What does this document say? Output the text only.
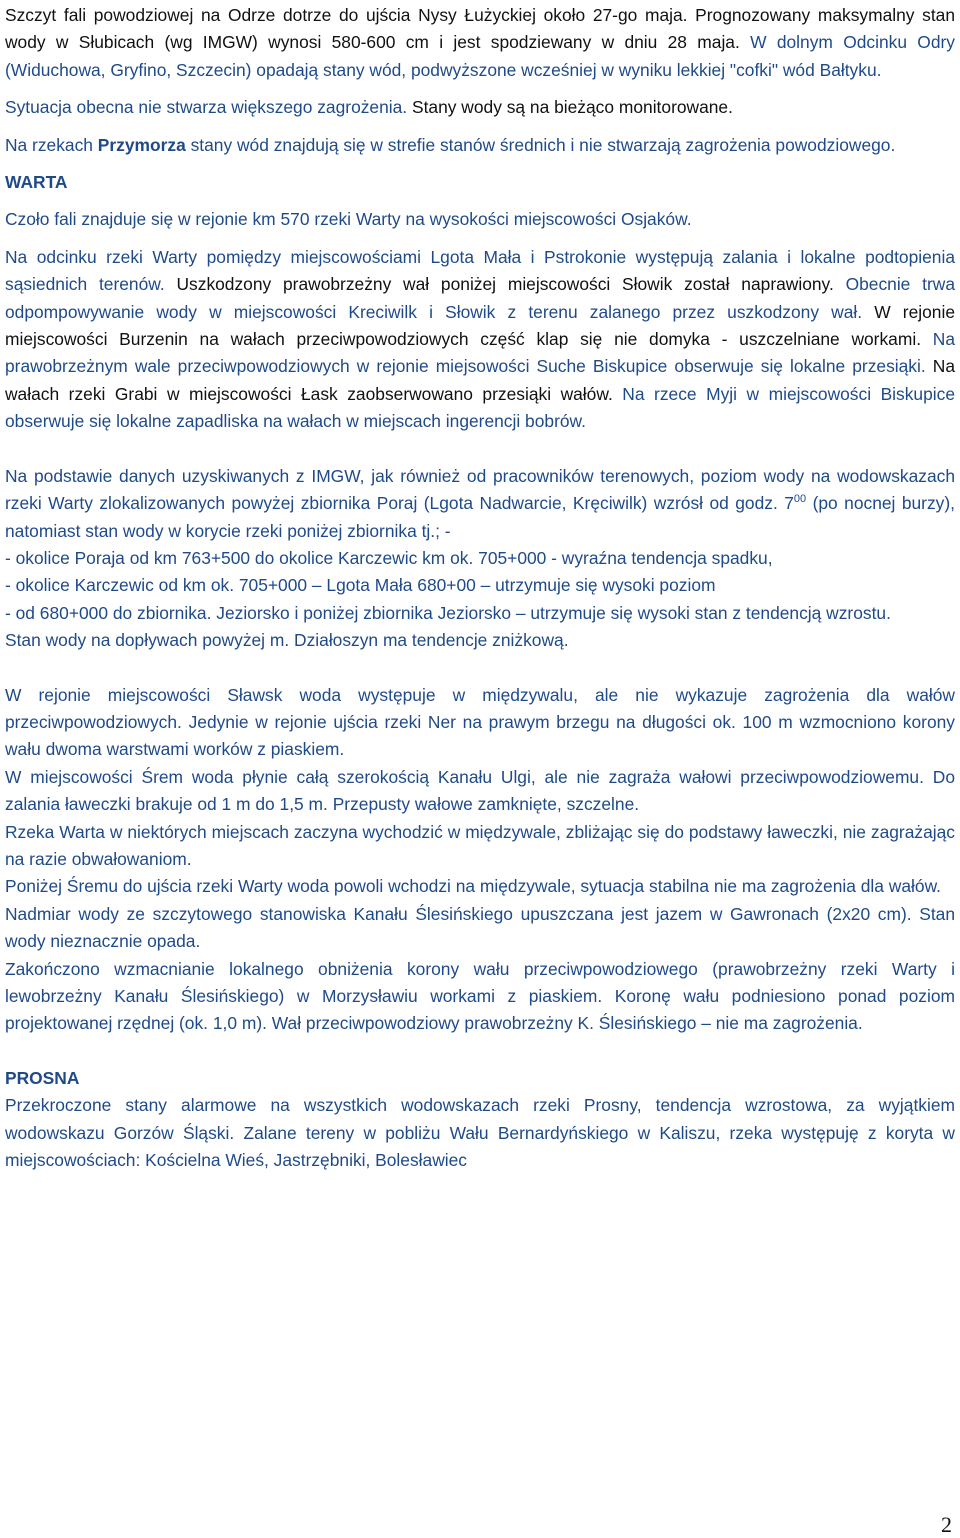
Szczyt fali powodziowej na Odrze dotrze do ujścia Nysy Łużyckiej około 27-go maja. Prognozowany maksymalny stan wody w Słubicach (wg IMGW) wynosi 580-600 cm i jest spodziewany w dniu 28 maja. W dolnym Odcinku Odry (Widuchowa, Gryfino, Szczecin) opadają stany wód, podwyższone wcześniej w wyniku lekkiej "cofki" wód Bałtyku.

Sytuacja obecna nie stwarza większego zagrożenia. Stany wody są na bieżąco monitorowane.

Na rzekach Przymorza stany wód znajdują się w strefie stanów średnich i nie stwarzają zagrożenia powodziowego.

WARTA

Czoło fali znajduje się w rejonie km 570 rzeki Warty na wysokości miejscowości Osjaków.

Na odcinku rzeki Warty pomiędzy miejscowościami Lgota Mała i Pstrokonie występują zalania i lokalne podtopienia sąsiednich terenów. Uszkodzony prawobrzeżny wał poniżej miejscowości Słowik został naprawiony. Obecnie trwa odpompowywanie wody w miejscowości Kreciwilk i Słowik z terenu zalanego przez uszkodzony wał. W rejonie miejscowości Burzenin na wałach przeciwpowodziowych część klap się nie domyka - uszczelniane workami. Na prawobrzeżnym wale przeciwpowodziowych w rejonie miejsowości Suche Biskupice obserwuje się lokalne przesiąki. Na wałach rzeki Grabi w miejscowości Łask zaobserwowano przesiąki wałów. Na rzece Myji w miejscowości Biskupice obserwuje się lokalne zapadliska na wałach w miejscach ingerencji bobrów.

Na podstawie danych uzyskiwanych z IMGW, jak również od pracowników terenowych, poziom wody na wodowskazach rzeki Warty zlokalizowanych powyżej zbiornika Poraj (Lgota Nadwarcie, Kręciwilk) wzrósł od godz. $7^{00}$ (po nocnej burzy), natomiast stan wody w korycie rzeki poniżej zbiornika tj.; -

- okolice Poraja od km 763+500 do okolice Karczewic km ok. 705+000 - wyraźna tendencja spadku,

- okolice Karczewic od km ok. 705+000 – Lgota Mała 680+00 – utrzymuje się wysoki poziom

- od 680+000 do zbiornika. Jeziorsko i poniżej zbiornika Jeziorsko – utrzymuje się wysoki stan z tendencją wzrostu.

Stan wody na dopływach powyżej m. Działoszyn ma tendencje zniżkową.

W rejonie miejscowości Sławsk woda występuje w międzywalu, ale nie wykazuje zagrożenia dla wałów przeciwpowodziowych. Jedynie w rejonie ujścia rzeki Ner na prawym brzegu na długości ok. 100 m wzmocniono korony wału dwoma warstwami worków z piaskiem.

W miejscowości Śrem woda płynie całą szerokością Kanału Ulgi, ale nie zagraża wałowi przeciwpowodziowemu. Do zalania ławeczki brakuje od 1 m do 1,5 m. Przepusty wałowe zamknięte, szczelne.

Rzeka Warta w niektórych miejscach zaczyna wychodzić w międzywale, zbliżając się do podstawy ławeczki, nie zagrażając na razie obwałowaniom.

Poniżej Śremu do ujścia rzeki Warty woda powoli wchodzi na międzywale, sytuacja stabilna nie ma zagrożenia dla wałów.

Nadmiar wody ze szczytowego stanowiska Kanału Ślesińskiego upuszczana jest jazem w Gawronach (2x20 cm). Stan wody nieznacznie opada.

Zakończono wzmacnianie lokalnego obniżenia korony wału przeciwpowodziowego (prawobrzeżny rzeki Warty i lewobrzeżny Kanału Ślesińskiego) w Morzysławiu workami z piaskiem. Koronę wału podniesiono ponad poziom projektowanej rzędnej (ok. 1,0 m). Wał przeciwpowodziowy prawobrzeżny K. Ślesińskiego – nie ma zagrożenia.

PROSNA

Przekroczone stany alarmowe na wszystkich wodowskazach rzeki Prosny, tendencja wzrostowa, za wyjątkiem wodowskazu Gorzów Śląski. Zalane tereny w pobliżu Wału Bernardyńskiego w Kaliszu, rzeka występuję z koryta w miejscowościach: Kościelna Wieś, Jastrzębniki, Bolesławiec

2
